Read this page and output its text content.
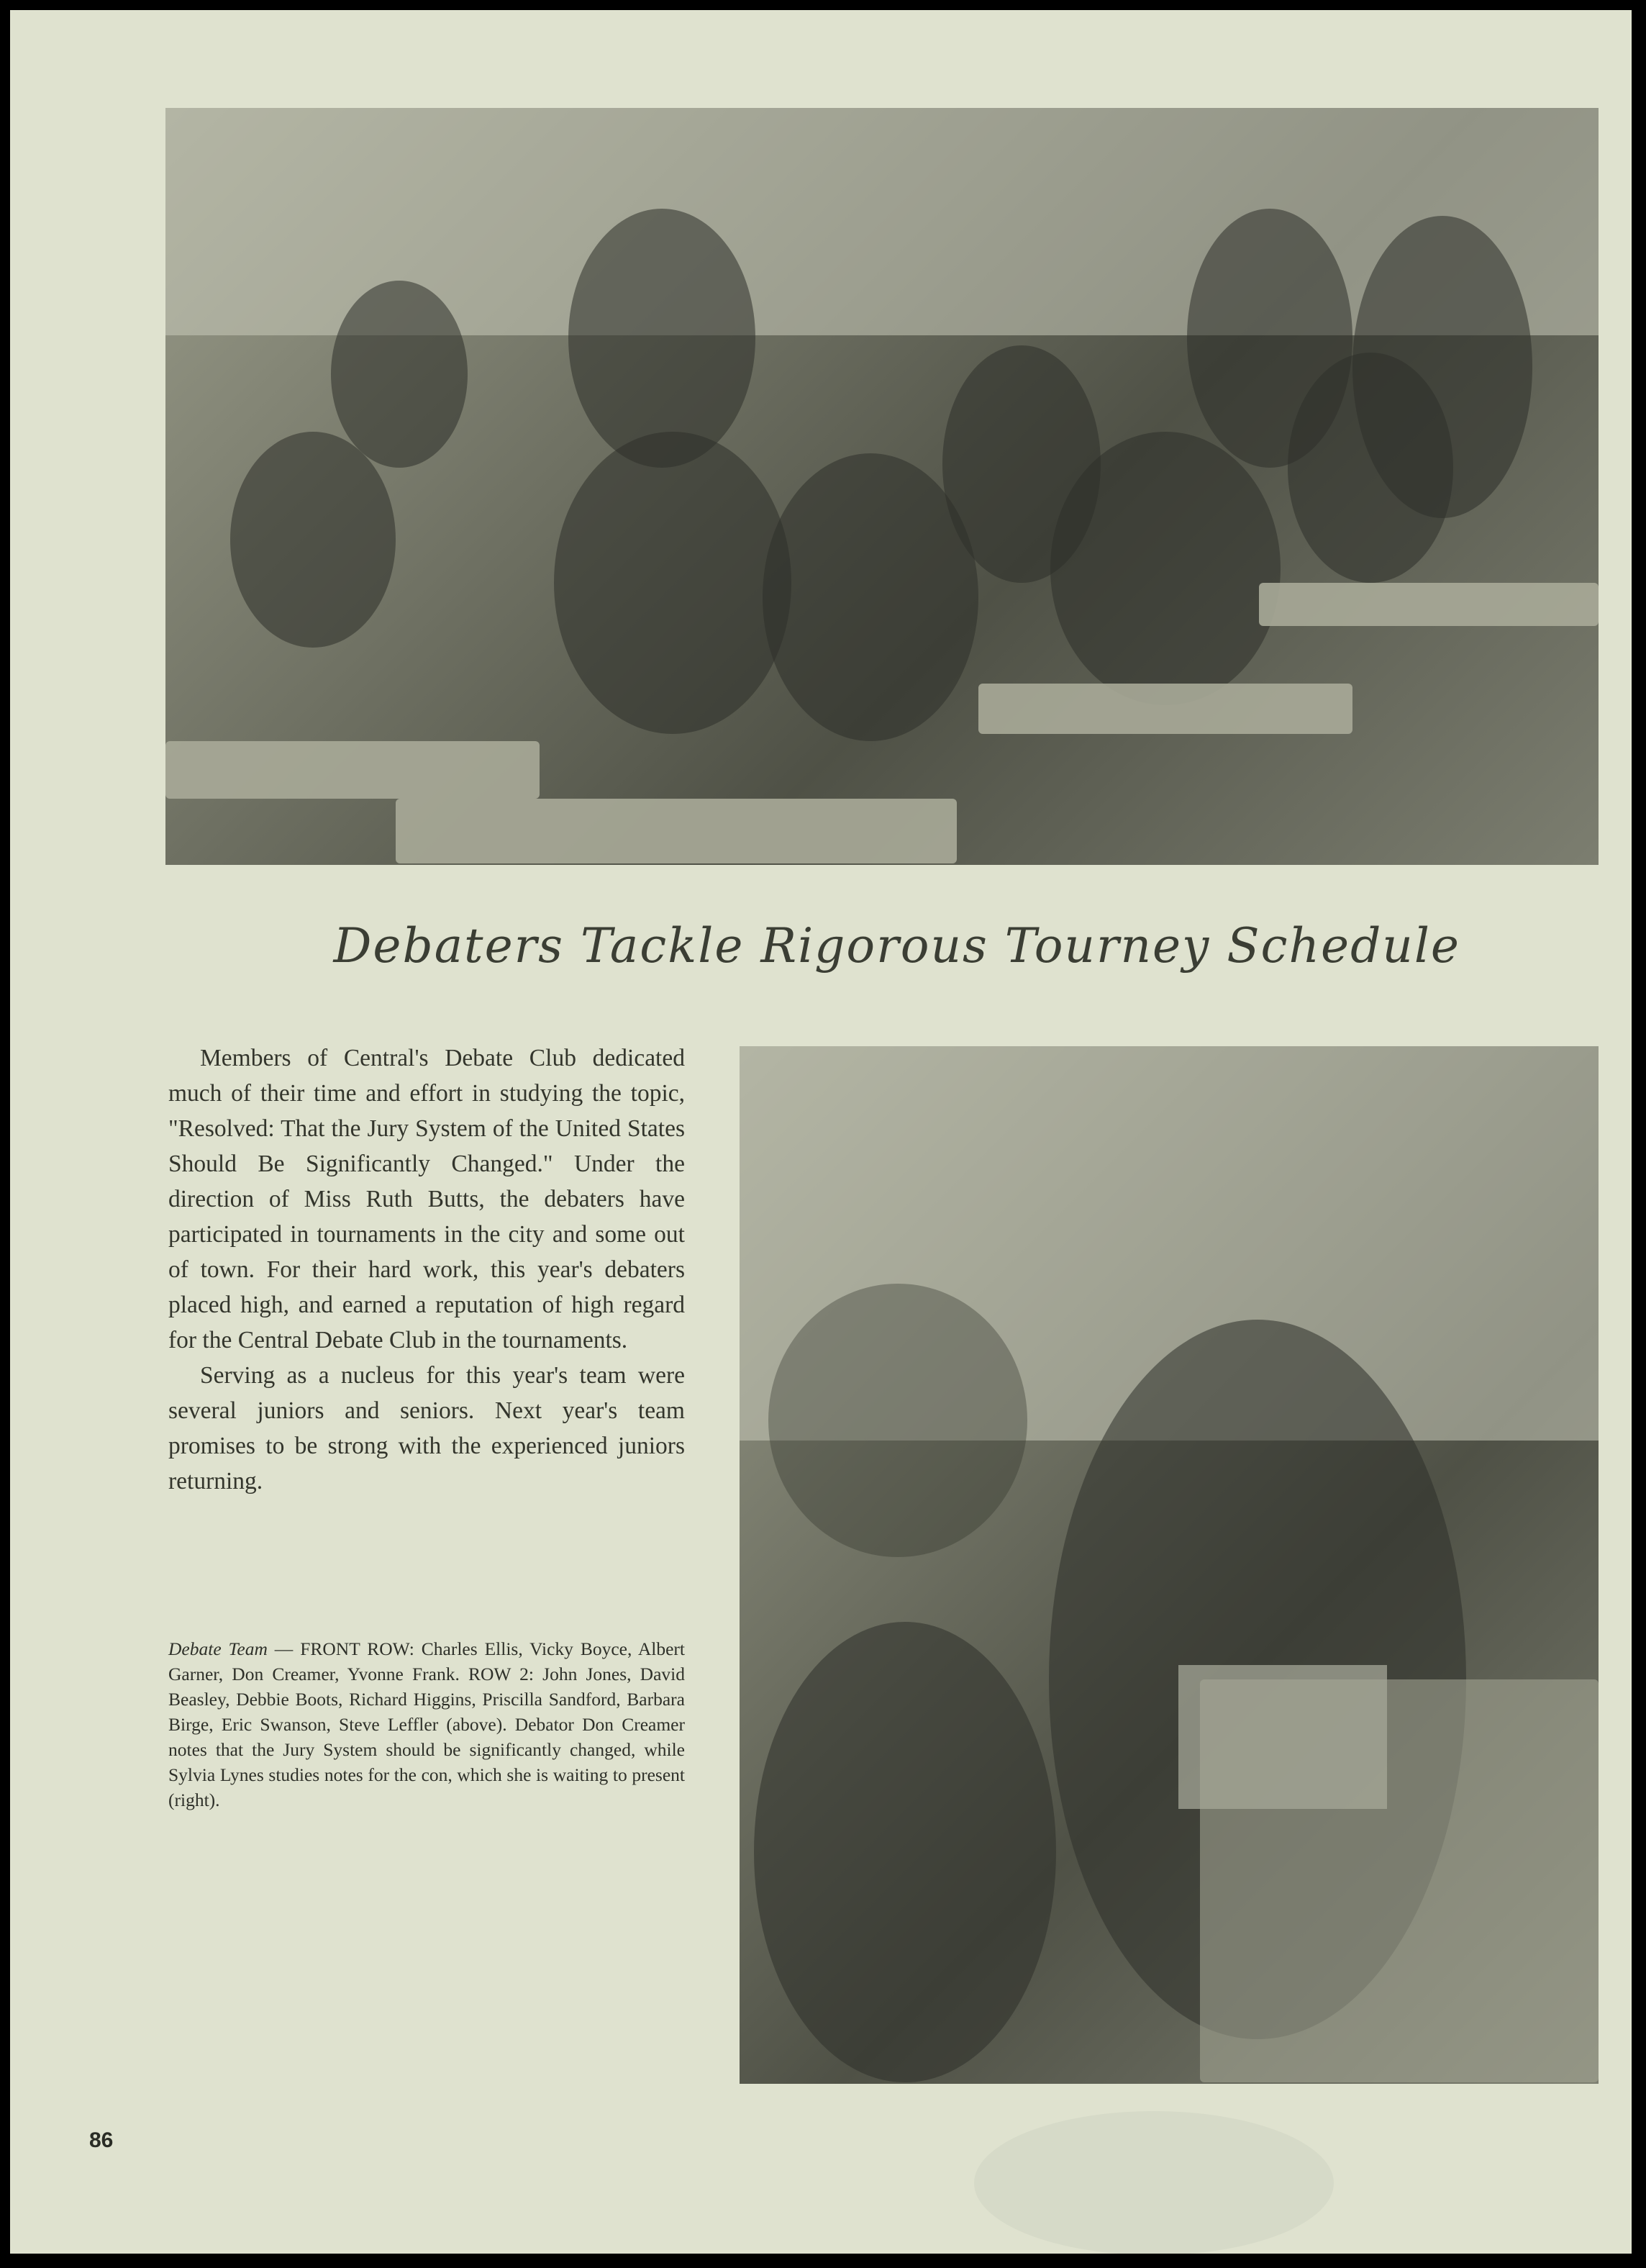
Debaters Tackle Rigorous Tourney Schedule

Members of Central's Debate Club dedicated much of their time and effort in studying the topic, "Resolved: That the Jury System of the United States Should Be Significantly Changed." Under the direction of Miss Ruth Butts, the debaters have participated in tournaments in the city and some out of town. For their hard work, this year's debaters placed high, and earned a reputation of high regard for the Central Debate Club in the tournaments.

Serving as a nucleus for this year's team were several juniors and seniors. Next year's team promises to be strong with the experienced juniors returning.

Debate Team — FRONT ROW: Charles Ellis, Vicky Boyce, Albert Garner, Don Creamer, Yvonne Frank. ROW 2: John Jones, David Beasley, Debbie Boots, Richard Higgins, Priscilla Sandford, Barbara Birge, Eric Swanson, Steve Leffler (above). Debator Don Creamer notes that the Jury System should be significantly changed, while Sylvia Lynes studies notes for the con, which she is waiting to present (right).
86
